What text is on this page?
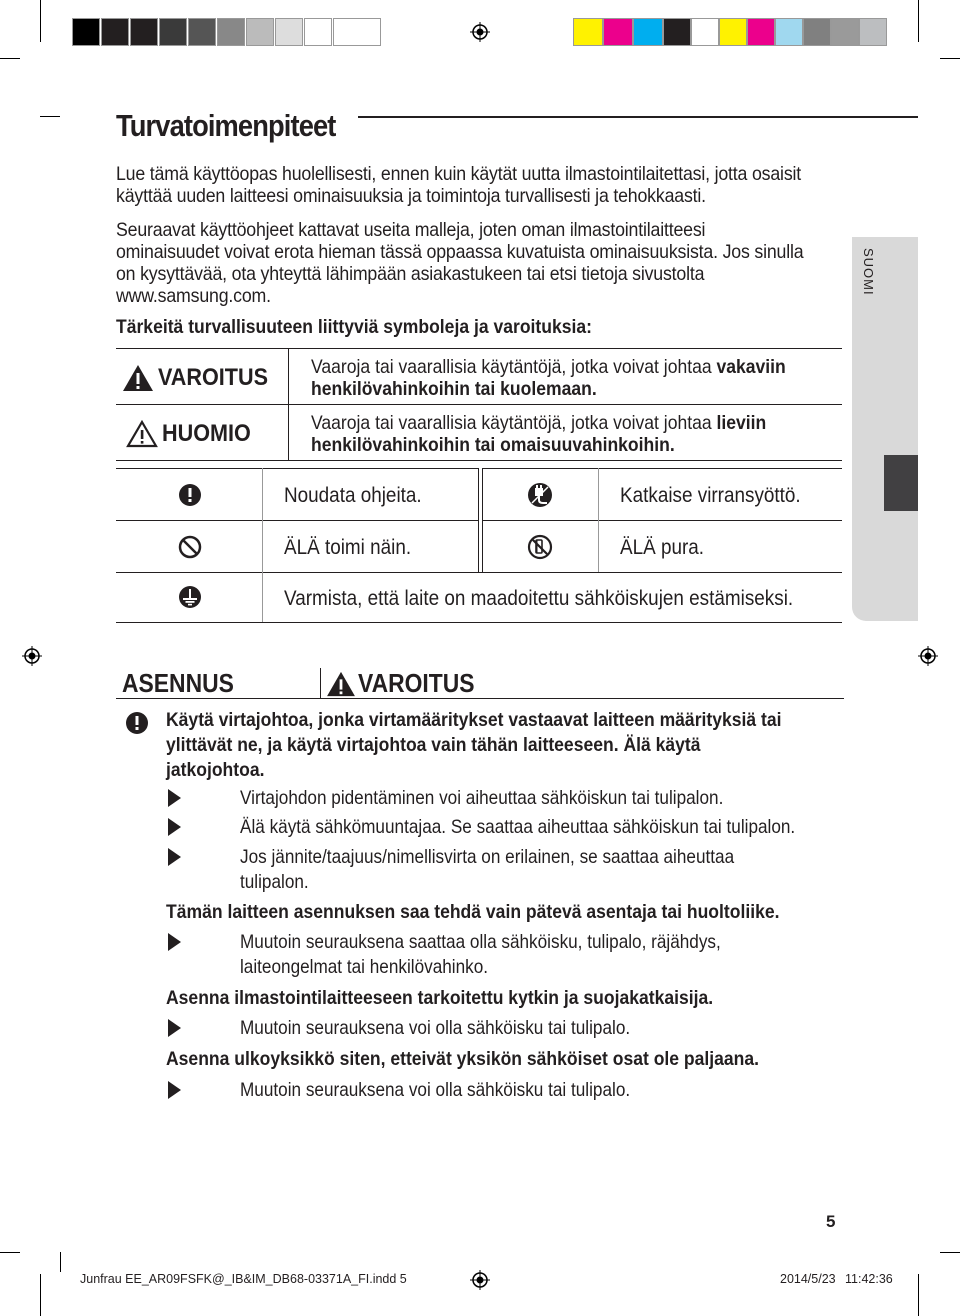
Turvatoimenpiteet
SUOMI
Lue tämä käyttöopas huolellisesti, ennen kuin käytät uutta ilmastointilaitettasi, jotta osaisit käyttää uuden laitteesi ominaisuuksia ja toimintoja turvallisesti ja tehokkaasti.
Seuraavat käyttöohjeet kattavat useita malleja, joten oman ilmastointilaitteesi ominaisuudet voivat erota hieman tässä oppaassa kuvatuista ominaisuuksista. Jos sinulla on kysyttävää, ota yhteyttä lähimpään asiakastukeen tai etsi tietoja sivustolta www.samsung.com.
Tärkeitä turvallisuuteen liittyviä symboleja ja varoituksia:
VAROITUS Vaaroja tai vaarallisia käytäntöjä, jotka voivat johtaa vakaviin henkilövahinkoihin tai kuolemaan.
HUOMIO	Vaaroja tai vaarallisia käytäntöjä, jotka voivat johtaa lieviin henkilövahinkoihin tai omaisuuvahinkoihin.
Noudata ohjeita.	Katkaise virransyöttö.
ÄLÄ toimi näin.	ÄLÄ pura.
Varmista, että laite on maadoitettu sähköiskujen estämiseksi.
ASENNUS	VAROITUS
Käytä virtajohtoa, jonka virtamääritykset vastaavat laitteen määrityksiä tai ylittävät ne, ja käytä virtajohtoa vain tähän laitteeseen. Älä käytä jatkojohtoa.
Virtajohdon pidentäminen voi aiheuttaa sähköiskun tai tulipalon.
Älä käytä sähkömuuntajaa. Se saattaa aiheuttaa sähköiskun tai tulipalon.
Jos jännite/taajuus/nimellisvirta on erilainen, se saattaa aiheuttaa tulipalon.
Tämän laitteen asennuksen saa tehdä vain pätevä asentaja tai huoltoliike.
Muutoin seurauksena saattaa olla sähköisku, tulipalo, räjähdys, laiteongelmat tai henkilövahinko.
Asenna ilmastointilaitteeseen tarkoitettu kytkin ja suojakatkaisija.
Muutoin seurauksena voi olla sähköisku tai tulipalo.
Asenna ulkoyksikkö siten, etteivät yksikön sähköiset osat ole paljaana.
Muutoin seurauksena voi olla sähköisku tai tulipalo.
5
Junfrau EE_AR09FSFK@_IB&IM_DB68-03371A_FI.indd 5	2014/5/23 11:42:36
